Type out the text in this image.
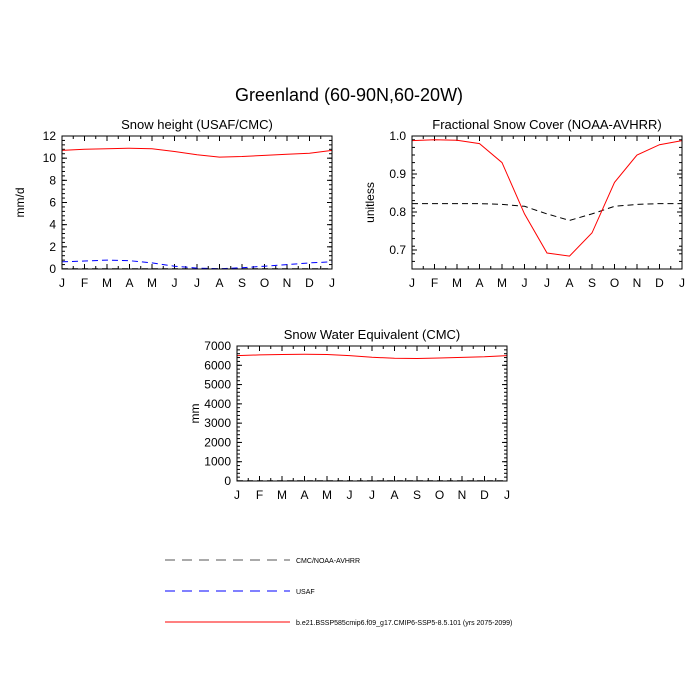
Greenland (60-90N,60-20W)
Snow height (USAF/CMC)
mm/d
J F M A M J J A S O N D J
0
2
4
6
8
10
12
Fractional Snow Cover (NOAA-AVHRR)
unitless
J F M A M J J A S O N D J
0.7
0.8
0.9
1.0
Snow Water Equivalent (CMC)
mm
J F M A M J J A S O N D J
0
1000
2000
3000
4000
5000
6000
7000
CMC/NOAA-AVHRR
USAF
b.e21.BSSP585cmip6.f09_g17.CMIP6-SSP5-8.5.101 (yrs 2075-2099)
